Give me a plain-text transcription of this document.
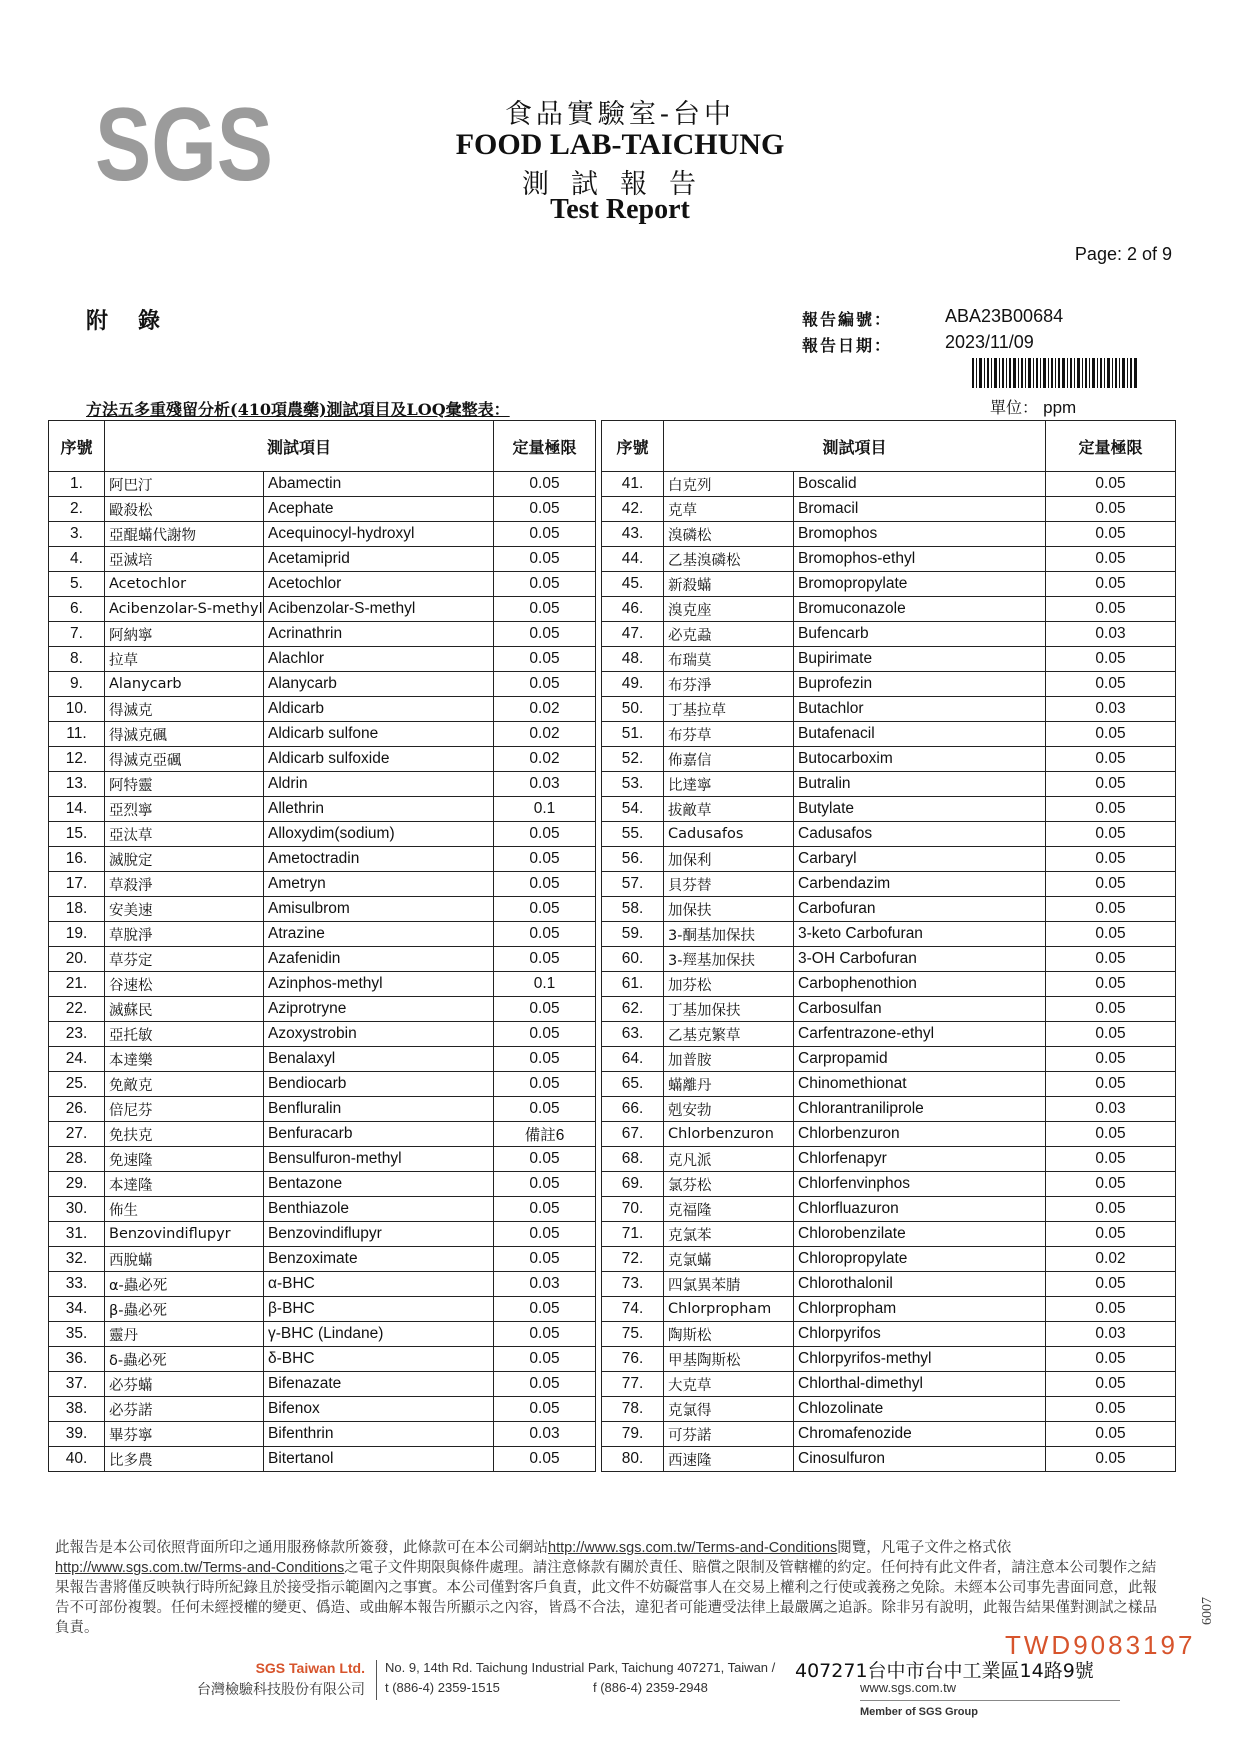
SGS	食品實驗室-台中
FOOD LAB-TAICHUNG
測試報告
Test Report
Page: 2 of 9
附錄	報告編號：	ABA23B00684
報告日期：	2023/11/09
方法五多重殘留分析(410項農藥)測試項目及LOQ彙整表：	單位： ppm
序號	測試項目		定量極限
1.	阿巴汀	Abamectin	0.05
2.	毆殺松	Acephate	0.05
3.	亞醌蟎代謝物	Acequinocyl-hydroxyl	0.05
4.	亞滅培	Acetamiprid	0.05
5.	Acetochlor	Acetochlor	0.05
6.	Acibenzolar-S-methyl	Acibenzolar-S-methyl	0.05
7.	阿納寧	Acrinathrin	0.05
8.	拉草	Alachlor	0.05
9.	Alanycarb	Alanycarb	0.05
10.	得滅克	Aldicarb	0.02
11.	得滅克碸	Aldicarb sulfone	0.02
12.	得滅克亞碸	Aldicarb sulfoxide	0.02
13.	阿特靈	Aldrin	0.03
14.	亞烈寧	Allethrin	0.1
15.	亞汰草	Alloxydim(sodium)	0.05
16.	滅脫定	Ametoctradin	0.05
17.	草殺淨	Ametryn	0.05
18.	安美速	Amisulbrom	0.05
19.	草脫淨	Atrazine	0.05
20.	草芬定	Azafenidin	0.05
21.	谷速松	Azinphos-methyl	0.1
22.	滅蘇民	Aziprotryne	0.05
23.	亞托敏	Azoxystrobin	0.05
24.	本達樂	Benalaxyl	0.05
25.	免敵克	Bendiocarb	0.05
26.	倍尼芬	Benfluralin	0.05
27.	免扶克	Benfuracarb	備註6
28.	免速隆	Bensulfuron-methyl	0.05
29.	本達隆	Bentazone	0.05
30.	佈生	Benthiazole	0.05
31.	Benzovindiflupyr	Benzovindiflupyr	0.05
32.	西脫蟎	Benzoximate	0.05
33.	α-蟲必死	α-BHC	0.03
34.	β-蟲必死	β-BHC	0.05
35.	靈丹	γ-BHC (Lindane)	0.05
36.	δ-蟲必死	δ-BHC	0.05
37.	必芬蟎	Bifenazate	0.05
38.	必芬諾	Bifenox	0.05
39.	畢芬寧	Bifenthrin	0.03
40.	比多農	Bitertanol	0.05
序號	測試項目		定量極限
41.	白克列	Boscalid	0.05
42.	克草	Bromacil	0.05
43.	溴磷松	Bromophos	0.05
44.	乙基溴磷松	Bromophos-ethyl	0.05
45.	新殺蟎	Bromopropylate	0.05
46.	溴克座	Bromuconazole	0.05
47.	必克蝨	Bufencarb	0.03
48.	布瑞莫	Bupirimate	0.05
49.	布芬淨	Buprofezin	0.05
50.	丁基拉草	Butachlor	0.03
51.	布芬草	Butafenacil	0.05
52.	佈嘉信	Butocarboxim	0.05
53.	比達寧	Butralin	0.05
54.	拔敵草	Butylate	0.05
55.	Cadusafos	Cadusafos	0.05
56.	加保利	Carbaryl	0.05
57.	貝芬替	Carbendazim	0.05
58.	加保扶	Carbofuran	0.05
59.	3-酮基加保扶	3-keto Carbofuran	0.05
60.	3-羥基加保扶	3-OH Carbofuran	0.05
61.	加芬松	Carbophenothion	0.05
62.	丁基加保扶	Carbosulfan	0.05
63.	乙基克繁草	Carfentrazone-ethyl	0.05
64.	加普胺	Carpropamid	0.05
65.	蟎離丹	Chinomethionat	0.05
66.	剋安勃	Chlorantraniliprole	0.03
67.	Chlorbenzuron	Chlorbenzuron	0.05
68.	克凡派	Chlorfenapyr	0.05
69.	氯芬松	Chlorfenvinphos	0.05
70.	克福隆	Chlorfluazuron	0.05
71.	克氯苯	Chlorobenzilate	0.05
72.	克氯蟎	Chloropropylate	0.02
73.	四氯異苯腈	Chlorothalonil	0.05
74.	Chlorpropham	Chlorpropham	0.05
75.	陶斯松	Chlorpyrifos	0.03
76.	甲基陶斯松	Chlorpyrifos-methyl	0.05
77.	大克草	Chlorthal-dimethyl	0.05
78.	克氯得	Chlozolinate	0.05
79.	可芬諾	Chromafenozide	0.05
80.	西速隆	Cinosulfuron	0.05
此報告是本公司依照背面所印之通用服務條款所簽發，此條款可在本公司網站http://www.sgs.com.tw/Terms-and-Conditions閱覽，凡電子文件之格式依http://www.sgs.com.tw/Terms-and-Conditions之電子文件期限與條件處理。請注意條款有關於責任、賠償之限制及管轄權的約定。任何持有此文件者，請注意本公司製作之結果報告書將僅反映執行時所紀錄且於接受指示範圍內之事實。本公司僅對客戶負責，此文件不妨礙當事人在交易上權利之行使或義務之免除。未經本公司事先書面同意，此報告不可部份複製。任何未經授權的變更、僞造、或曲解本報告所顯示之內容，皆爲不合法，違犯者可能遭受法律上最嚴厲之追訴。除非另有說明，此報告結果僅對測試之樣品負責。
TWD9083197
6007
SGS Taiwan Ltd.
台灣檢驗科技股份有限公司
No. 9, 14th Rd. Taichung Industrial Park, Taichung 407271, Taiwan / 407271台中市台中工業區14路9號
t (886-4) 2359-1515	f (886-4) 2359-2948	www.sgs.com.tw
Member of SGS Group
